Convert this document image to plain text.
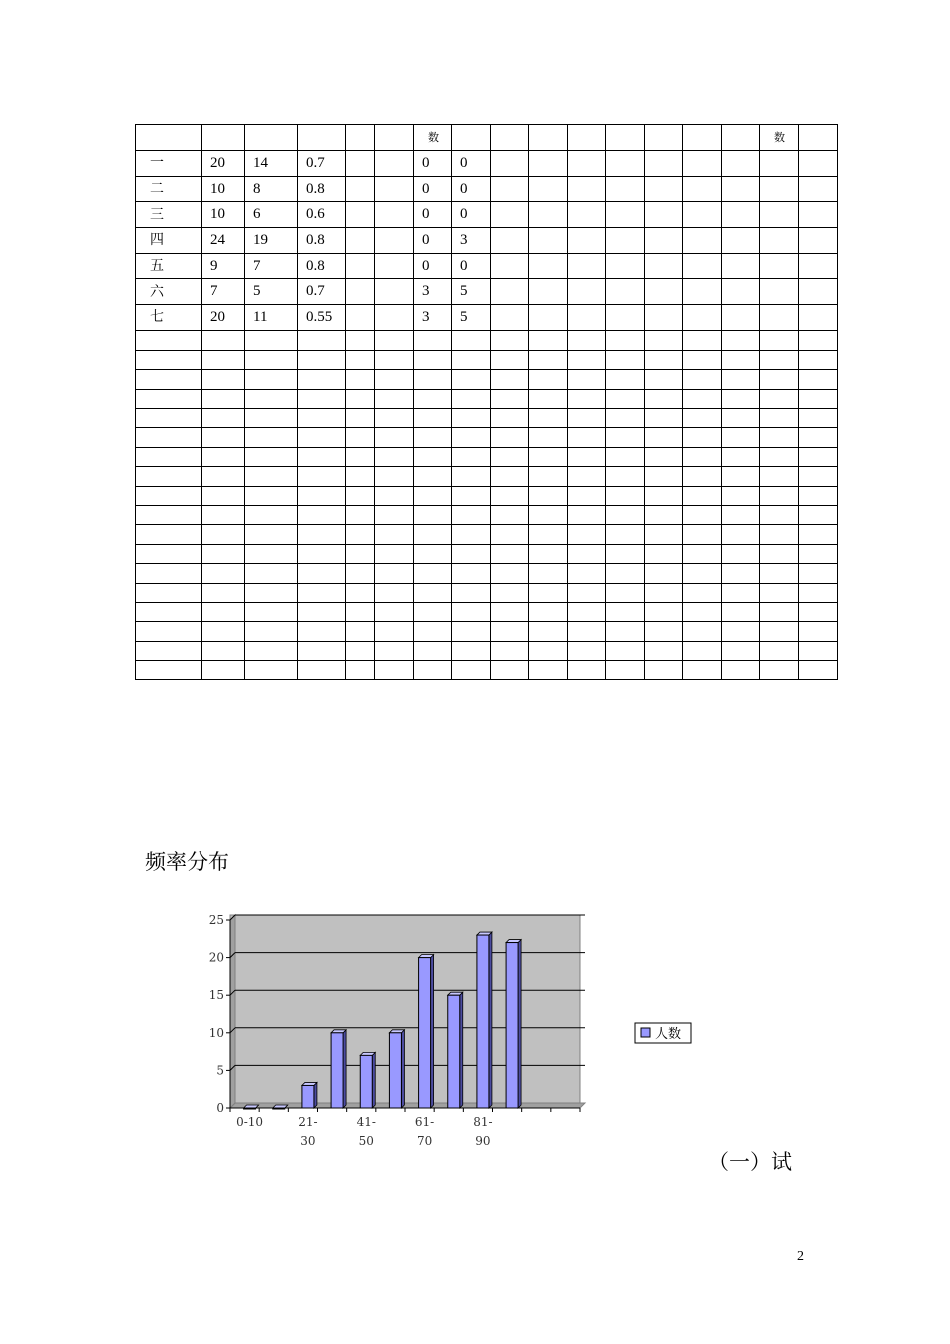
						数									数	
一	20	14	0.7			0	0									
二	10	8	0.8			0	0									
三	10	6	0.6			0	0									
四	24	19	0.8			0	3									
五	9	7	0.8			0	0									
六	7	5	0.7			3	5									
七	20	11	0.55			3	5									

频率分布
0
5
10
15
20
25
0-10	21-
30
41-
50
61-
70
81-
90
人数
（一）试
2
